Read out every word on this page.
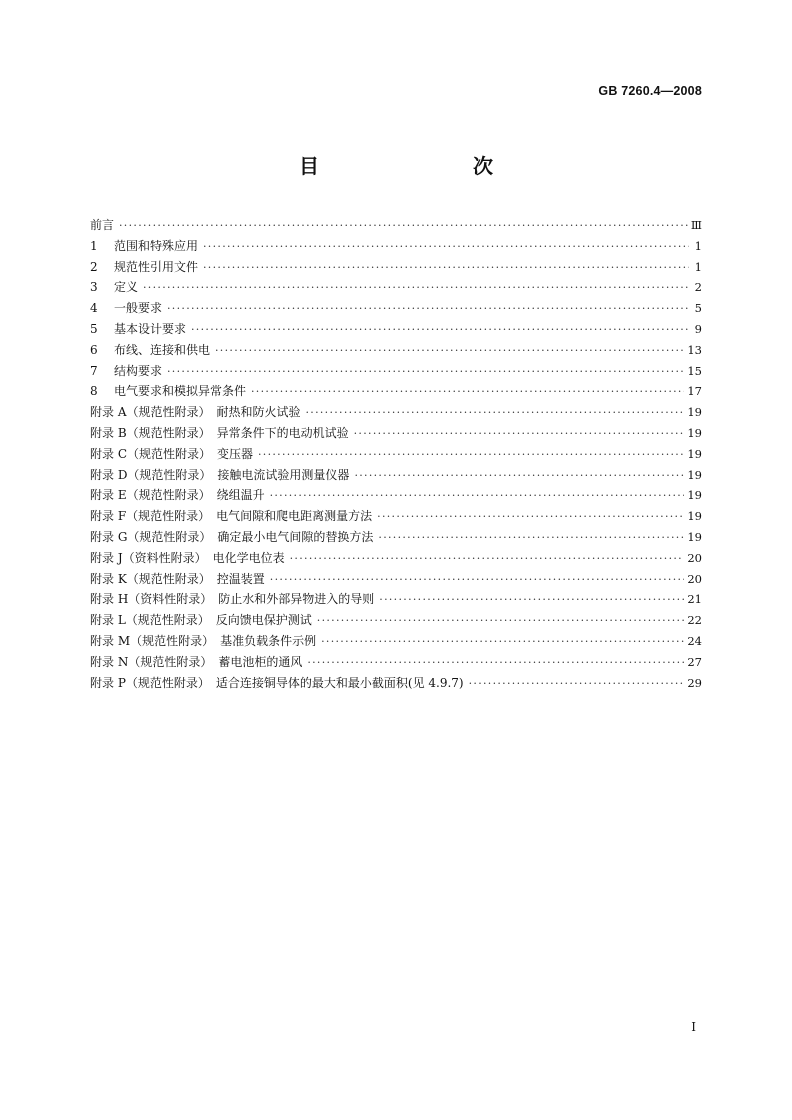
GB 7260.4—2008
目　　次
前言 ·····	Ⅲ
1 范围和特殊应用 ·····	1
2 规范性引用文件 ·····	1
3 定义 ·····	2
4 一般要求 ·····	5
5 基本设计要求 ·····	9
6 布线、连接和供电 ·····	13
7 结构要求 ·····	15
8 电气要求和模拟异常条件 ·····	17
附录 A（规范性附录）　耐热和防火试验 ·····	19
附录 B（规范性附录）　异常条件下的电动机试验 ·····	19
附录 C（规范性附录）　变压器 ·····	19
附录 D（规范性附录）　接触电流试验用测量仪器 ·····	19
附录 E（规范性附录）　绕组温升 ·····	19
附录 F（规范性附录）　电气间隙和爬电距离测量方法 ·····	19
附录 G（规范性附录）　确定最小电气间隙的替换方法 ·····	19
附录 J（资料性附录）　电化学电位表 ·····	20
附录 K（规范性附录）　控温装置 ·····	20
附录 H（资料性附录）　防止水和外部异物进入的导则 ·····	21
附录 L（规范性附录）　反向馈电保护测试 ·····	22
附录 M（规范性附录）　基准负载条件示例 ·····	24
附录 N（规范性附录）　蓄电池柜的通风 ·····	27
附录 P（规范性附录）　适合连接铜导体的最大和最小截面积(见 4.9.7) ·····	29
I
